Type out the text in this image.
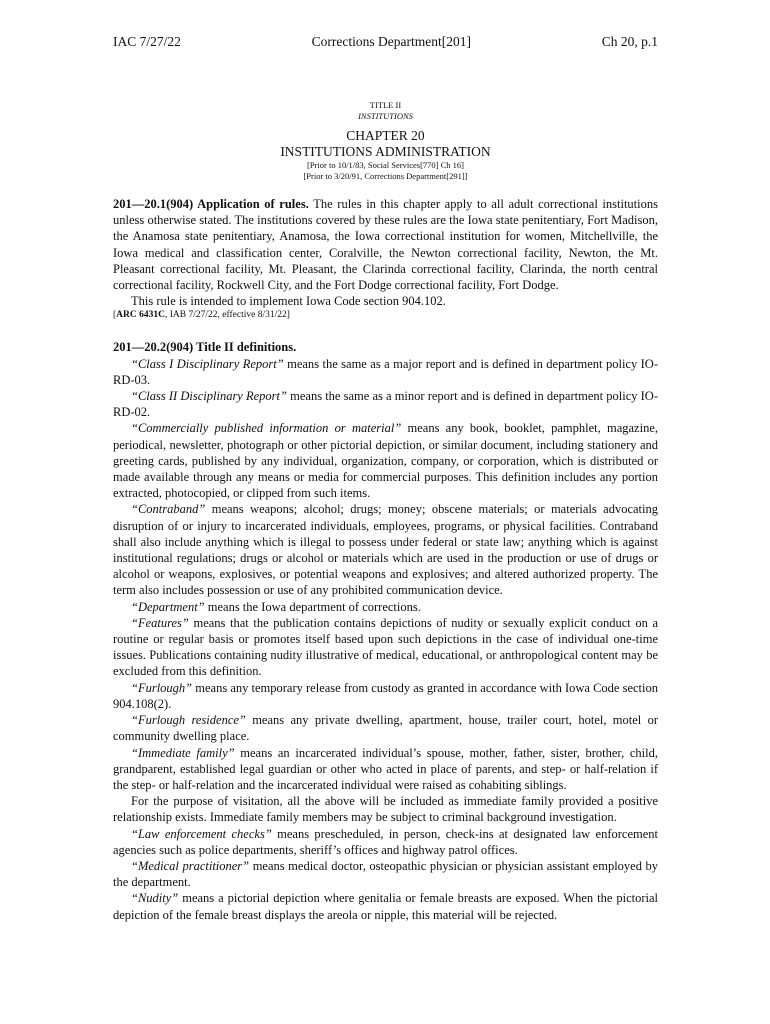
IAC 7/27/22	Corrections Department[201]	Ch 20, p.1
TITLE II
INSTITUTIONS
CHAPTER 20
INSTITUTIONS ADMINISTRATION
[Prior to 10/1/83, Social Services[770] Ch 16]
[Prior to 3/20/91, Corrections Department[291]]

201—20.1(904) Application of rules. The rules in this chapter apply to all adult correctional institutions unless otherwise stated. The institutions covered by these rules are the Iowa state penitentiary, Fort Madison, the Anamosa state penitentiary, Anamosa, the Iowa correctional institution for women, Mitchellville, the Iowa medical and classification center, Coralville, the Newton correctional facility, Newton, the Mt. Pleasant correctional facility, Mt. Pleasant, the Clarinda correctional facility, Clarinda, the north central correctional facility, Rockwell City, and the Fort Dodge correctional facility, Fort Dodge.

This rule is intended to implement Iowa Code section 904.102.

[ARC 6431C, IAB 7/27/22, effective 8/31/22]

201—20.2(904) Title II definitions.

“Class I Disciplinary Report” means the same as a major report and is defined in department policy IO-RD-03.

“Class II Disciplinary Report” means the same as a minor report and is defined in department policy IO-RD-02.

“Commercially published information or material” means any book, booklet, pamphlet, magazine, periodical, newsletter, photograph or other pictorial depiction, or similar document, including stationery and greeting cards, published by any individual, organization, company, or corporation, which is distributed or made available through any means or media for commercial purposes. This definition includes any portion extracted, photocopied, or clipped from such items.

“Contraband” means weapons; alcohol; drugs; money; obscene materials; or materials advocating disruption of or injury to incarcerated individuals, employees, programs, or physical facilities. Contraband shall also include anything which is illegal to possess under federal or state law; anything which is against institutional regulations; drugs or alcohol or materials which are used in the production or use of drugs or alcohol or weapons, explosives, or potential weapons and explosives; and altered authorized property. The term also includes possession or use of any prohibited communication device.

“Department” means the Iowa department of corrections.

“Features” means that the publication contains depictions of nudity or sexually explicit conduct on a routine or regular basis or promotes itself based upon such depictions in the case of individual one-time issues. Publications containing nudity illustrative of medical, educational, or anthropological content may be excluded from this definition.

“Furlough” means any temporary release from custody as granted in accordance with Iowa Code section 904.108(2).

“Furlough residence” means any private dwelling, apartment, house, trailer court, hotel, motel or community dwelling place.

“Immediate family” means an incarcerated individual’s spouse, mother, father, sister, brother, child, grandparent, established legal guardian or other who acted in place of parents, and step- or half-relation if the step- or half-relation and the incarcerated individual were raised as cohabiting siblings.

For the purpose of visitation, all the above will be included as immediate family provided a positive relationship exists. Immediate family members may be subject to criminal background investigation.

“Law enforcement checks” means prescheduled, in person, check-ins at designated law enforcement agencies such as police departments, sheriff’s offices and highway patrol offices.

“Medical practitioner” means medical doctor, osteopathic physician or physician assistant employed by the department.

“Nudity” means a pictorial depiction where genitalia or female breasts are exposed. When the pictorial depiction of the female breast displays the areola or nipple, this material will be rejected.
